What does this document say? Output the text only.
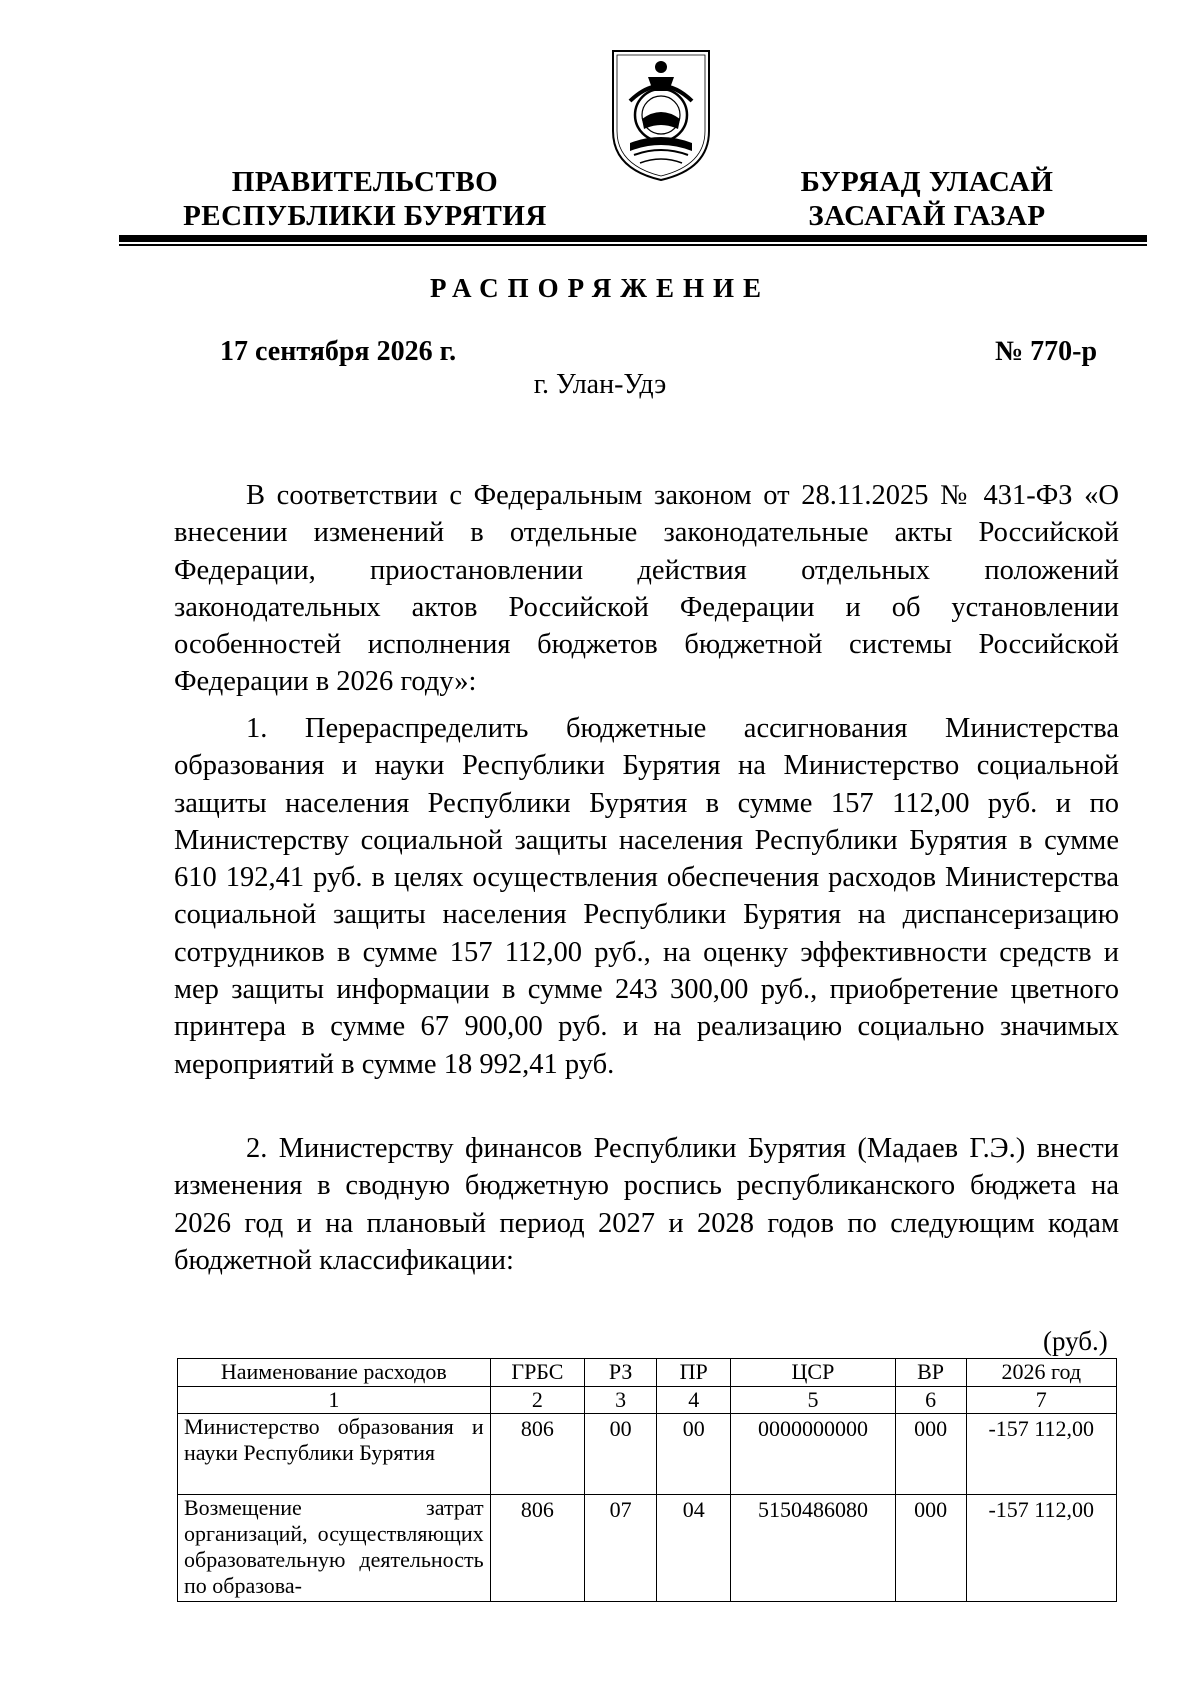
ПРАВИТЕЛЬСТВО
РЕСПУБЛИКИ БУРЯТИЯ
БУРЯАД УЛАСАЙ
ЗАСАГАЙ ГАЗАР
РАСПОРЯЖЕНИЕ
17 сентября 2026 г.	№ 770-р
г. Улан-Удэ

В соответствии с Федеральным законом от 28.11.2025 № 431-ФЗ «О внесении изменений в отдельные законодательные акты Российской Федерации, приостановлении действия отдельных положений законодательных актов Российской Федерации и об установлении особенностей исполнения бюджетов бюджетной системы Российской Федерации в 2026 году»:

1. Перераспределить бюджетные ассигнования Министерства образования и науки Республики Бурятия на Министерство социальной защиты населения Республики Бурятия в сумме 157 112,00 руб. и по Министерству социальной защиты населения Республики Бурятия в сумме 610 192,41 руб. в целях осуществления обеспечения расходов Министерства социальной защиты населения Республики Бурятия на диспансеризацию сотрудников в сумме 157 112,00 руб., на оценку эффективности средств и мер защиты информации в сумме 243 300,00 руб., приобретение цветного принтера в сумме 67 900,00 руб. и на реализацию социально значимых мероприятий в сумме 18 992,41 руб.

2. Министерству финансов Республики Бурятия (Мадаев Г.Э.) внести изменения в сводную бюджетную роспись республиканского бюджета на 2026 год и на плановый период 2027 и 2028 годов по следующим кодам бюджетной классификации:

(руб.)
Наименование расходов	ГРБС	РЗ	ПР	ЦСР	ВР	2026 год
1	2	3	4	5	6	7
Министерство образования и науки Республики Бурятия	806	00	00	0000000000	000	-157 112,00
Возмещение затрат организаций, осуществляющих образовательную деятельность по образова-	806	07	04	5150486080	000	-157 112,00
